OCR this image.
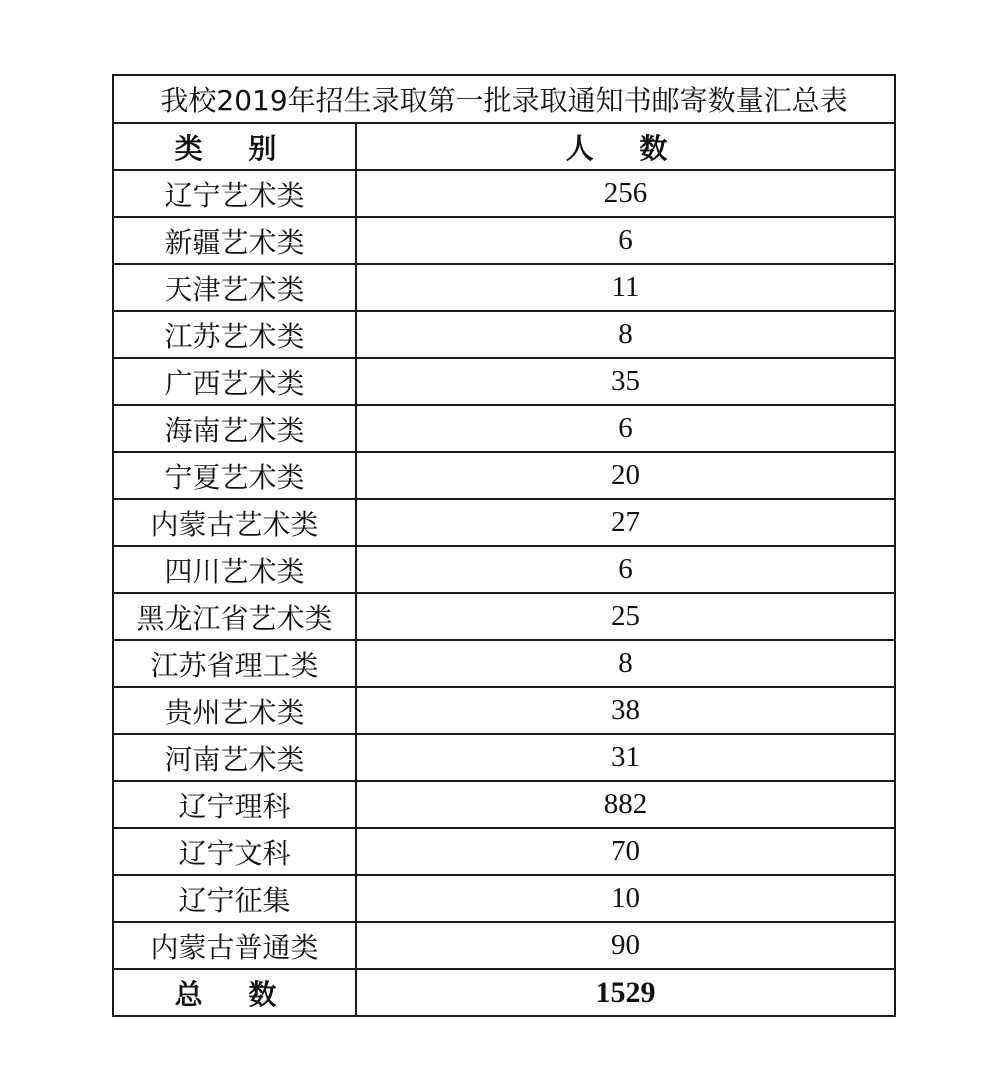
我校2019年招生录取第一批录取通知书邮寄数量汇总表	
类 别	人 数
辽宁艺术类	256
新疆艺术类	6
天津艺术类	11
江苏艺术类	8
广西艺术类	35
海南艺术类	6
宁夏艺术类	20
内蒙古艺术类	27
四川艺术类	6
黑龙江省艺术类	25
江苏省理工类	8
贵州艺术类	38
河南艺术类	31
辽宁理科	882
辽宁文科	70
辽宁征集	10
内蒙古普通类	90
总 数	1529
